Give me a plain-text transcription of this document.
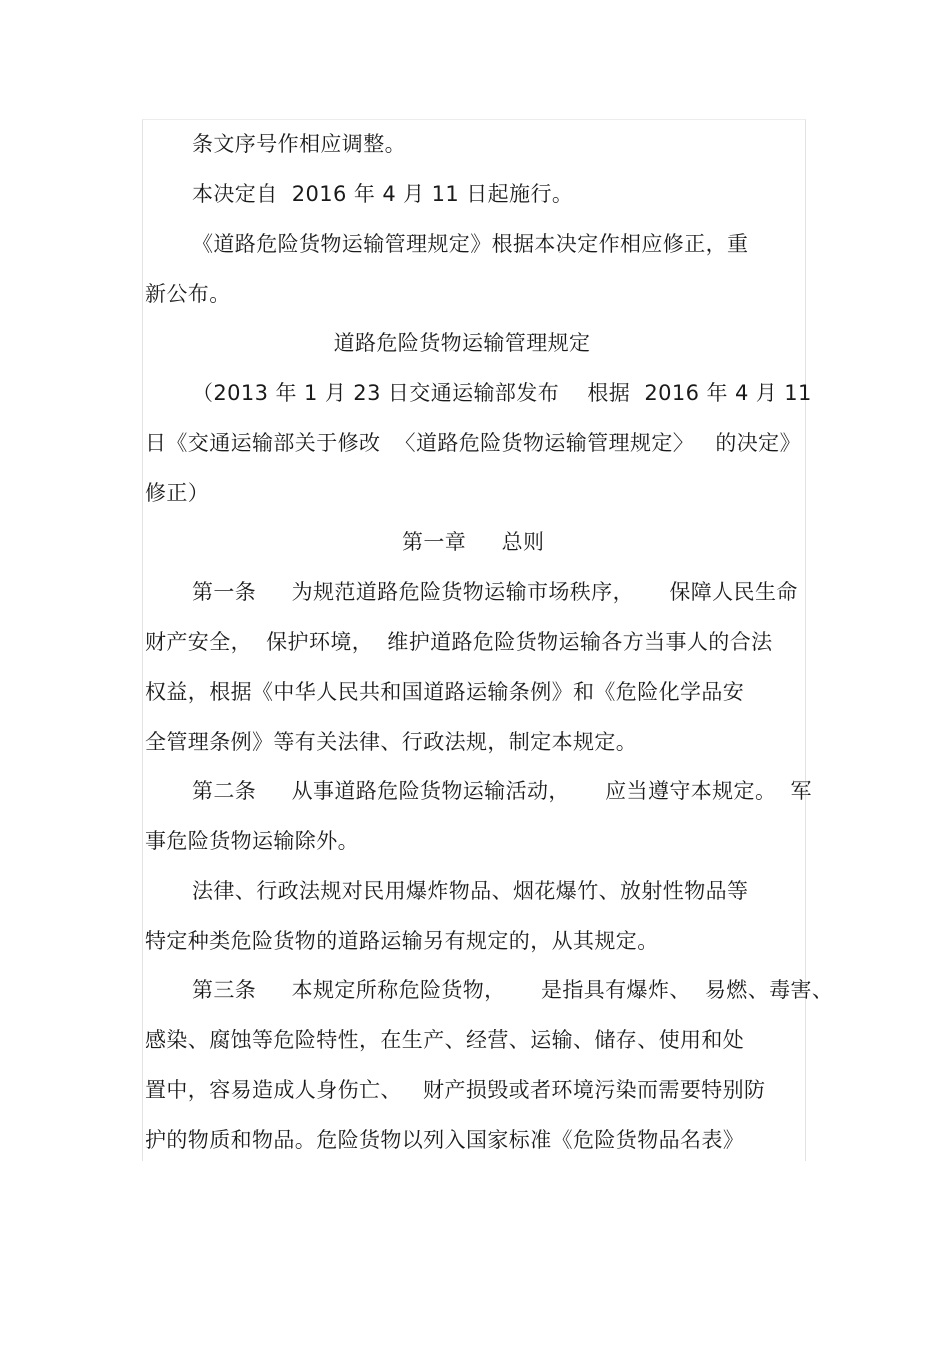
条文序号作相应调整。
本决定自  2016 年 4 月 11 日起施行。
《道路危险货物运输管理规定》根据本决定作相应修正，重
新公布。
道路危险货物运输管理规定
（2013 年 1 月 23 日交通运输部发布    根据  2016 年 4 月 11
日《交通运输部关于修改  〈道路危险货物运输管理规定〉   的决定》
修正）
第一章     总则
第一条     为规范道路危险货物运输市场秩序，     保障人民生命
财产安全，  保护环境，  维护道路危险货物运输各方当事人的合法
权益，根据《中华人民共和国道路运输条例》和《危险化学品安
全管理条例》等有关法律、行政法规，制定本规定。
第二条     从事道路危险货物运输活动，     应当遵守本规定。  军
事危险货物运输除外。
法律、行政法规对民用爆炸物品、烟花爆竹、放射性物品等
特定种类危险货物的道路运输另有规定的，从其规定。
第三条     本规定所称危险货物，     是指具有爆炸、  易燃、毒害、
感染、腐蚀等危险特性，在生产、经营、运输、储存、使用和处
置中，容易造成人身伤亡、   财产损毁或者环境污染而需要特别防
护的物质和物品。危险货物以列入国家标准《危险货物品名表》
